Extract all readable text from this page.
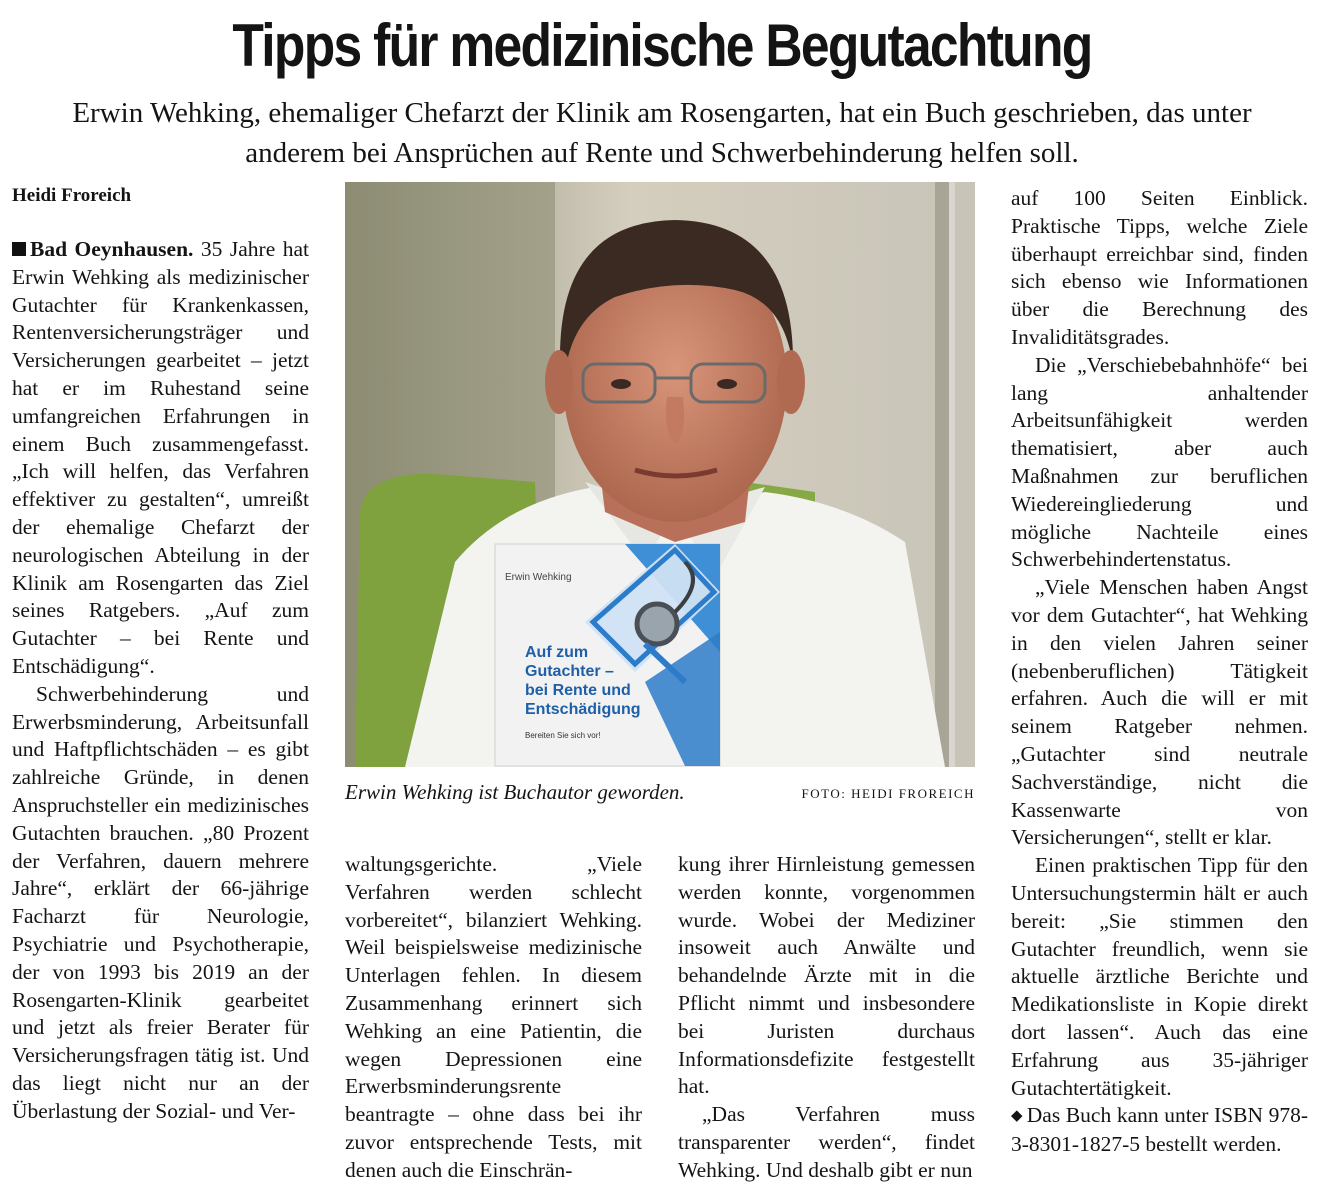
Tipps für medizinische Begutachtung

Erwin Wehking, ehemaliger Chefarzt der Klinik am Rosengarten, hat ein Buch geschrieben, das unter anderem bei Ansprüchen auf Rente und Schwerbehinderung helfen soll.

Heidi Froreich

Bad Oeynhausen. 35 Jahre hat Erwin Wehking als medizinischer Gutachter für Krankenkassen, Rentenversicherungsträger und Versicherungen gearbeitet – jetzt hat er im Ruhestand seine umfangreichen Erfahrungen in einem Buch zusammengefasst. „Ich will helfen, das Verfahren effektiver zu gestalten“, umreißt der ehemalige Chefarzt der neurologischen Abteilung in der Klinik am Rosengarten das Ziel seines Ratgebers. „Auf zum Gutachter – bei Rente und Entschädigung“.

Schwerbehinderung und Erwerbsminderung, Arbeitsunfall und Haftpflichtschäden – es gibt zahlreiche Gründe, in denen Anspruchsteller ein medizinisches Gutachten brauchen. „80 Prozent der Verfahren, dauern mehrere Jahre“, erklärt der 66-jährige Facharzt für Neurologie, Psychiatrie und Psychotherapie, der von 1993 bis 2019 an der Rosengarten-Klinik gearbeitet und jetzt als freier Berater für Versicherungsfragen tätig ist. Und das liegt nicht nur an der Überlastung der Sozial- und Ver-

Erwin Wehking
Auf zum
Gutachter –
bei Rente und
Entschädigung
Bereiten Sie sich vor!
Erwin Wehking ist Buchautor geworden.	FOTO: HEIDI FROREICH

waltungsgerichte. „Viele Verfahren werden schlecht vorbereitet“, bilanziert Wehking. Weil beispielsweise medizinische Unterlagen fehlen. In diesem Zusammenhang erinnert sich Wehking an eine Patientin, die wegen Depressionen eine Erwerbsminderungsrente beantragte – ohne dass bei ihr zuvor entsprechende Tests, mit denen auch die Einschrän-

kung ihrer Hirnleistung gemessen werden konnte, vorgenommen wurde. Wobei der Mediziner insoweit auch Anwälte und behandelnde Ärzte mit in die Pflicht nimmt und insbesondere bei Juristen durchaus Informationsdefizite festgestellt hat.

„Das Verfahren muss transparenter werden“, findet Wehking. Und deshalb gibt er nun

auf 100 Seiten Einblick. Praktische Tipps, welche Ziele überhaupt erreichbar sind, finden sich ebenso wie Informationen über die Berechnung des Invaliditätsgrades.

Die „Verschiebebahnhöfe“ bei lang anhaltender Arbeitsunfähigkeit werden thematisiert, aber auch Maßnahmen zur beruflichen Wiedereingliederung und mögliche Nachteile eines Schwerbehindertenstatus.

„Viele Menschen haben Angst vor dem Gutachter“, hat Wehking in den vielen Jahren seiner (nebenberuflichen) Tätigkeit erfahren. Auch die will er mit seinem Ratgeber nehmen. „Gutachter sind neutrale Sachverständige, nicht die Kassenwarte von Versicherungen“, stellt er klar.

Einen praktischen Tipp für den Untersuchungstermin hält er auch bereit: „Sie stimmen den Gutachter freundlich, wenn sie aktuelle ärztliche Berichte und Medikationsliste in Kopie direkt dort lassen“. Auch das eine Erfahrung aus 35-jähriger Gutachtertätigkeit.

◆ Das Buch kann unter ISBN 978-3-8301-1827-5 bestellt werden.
